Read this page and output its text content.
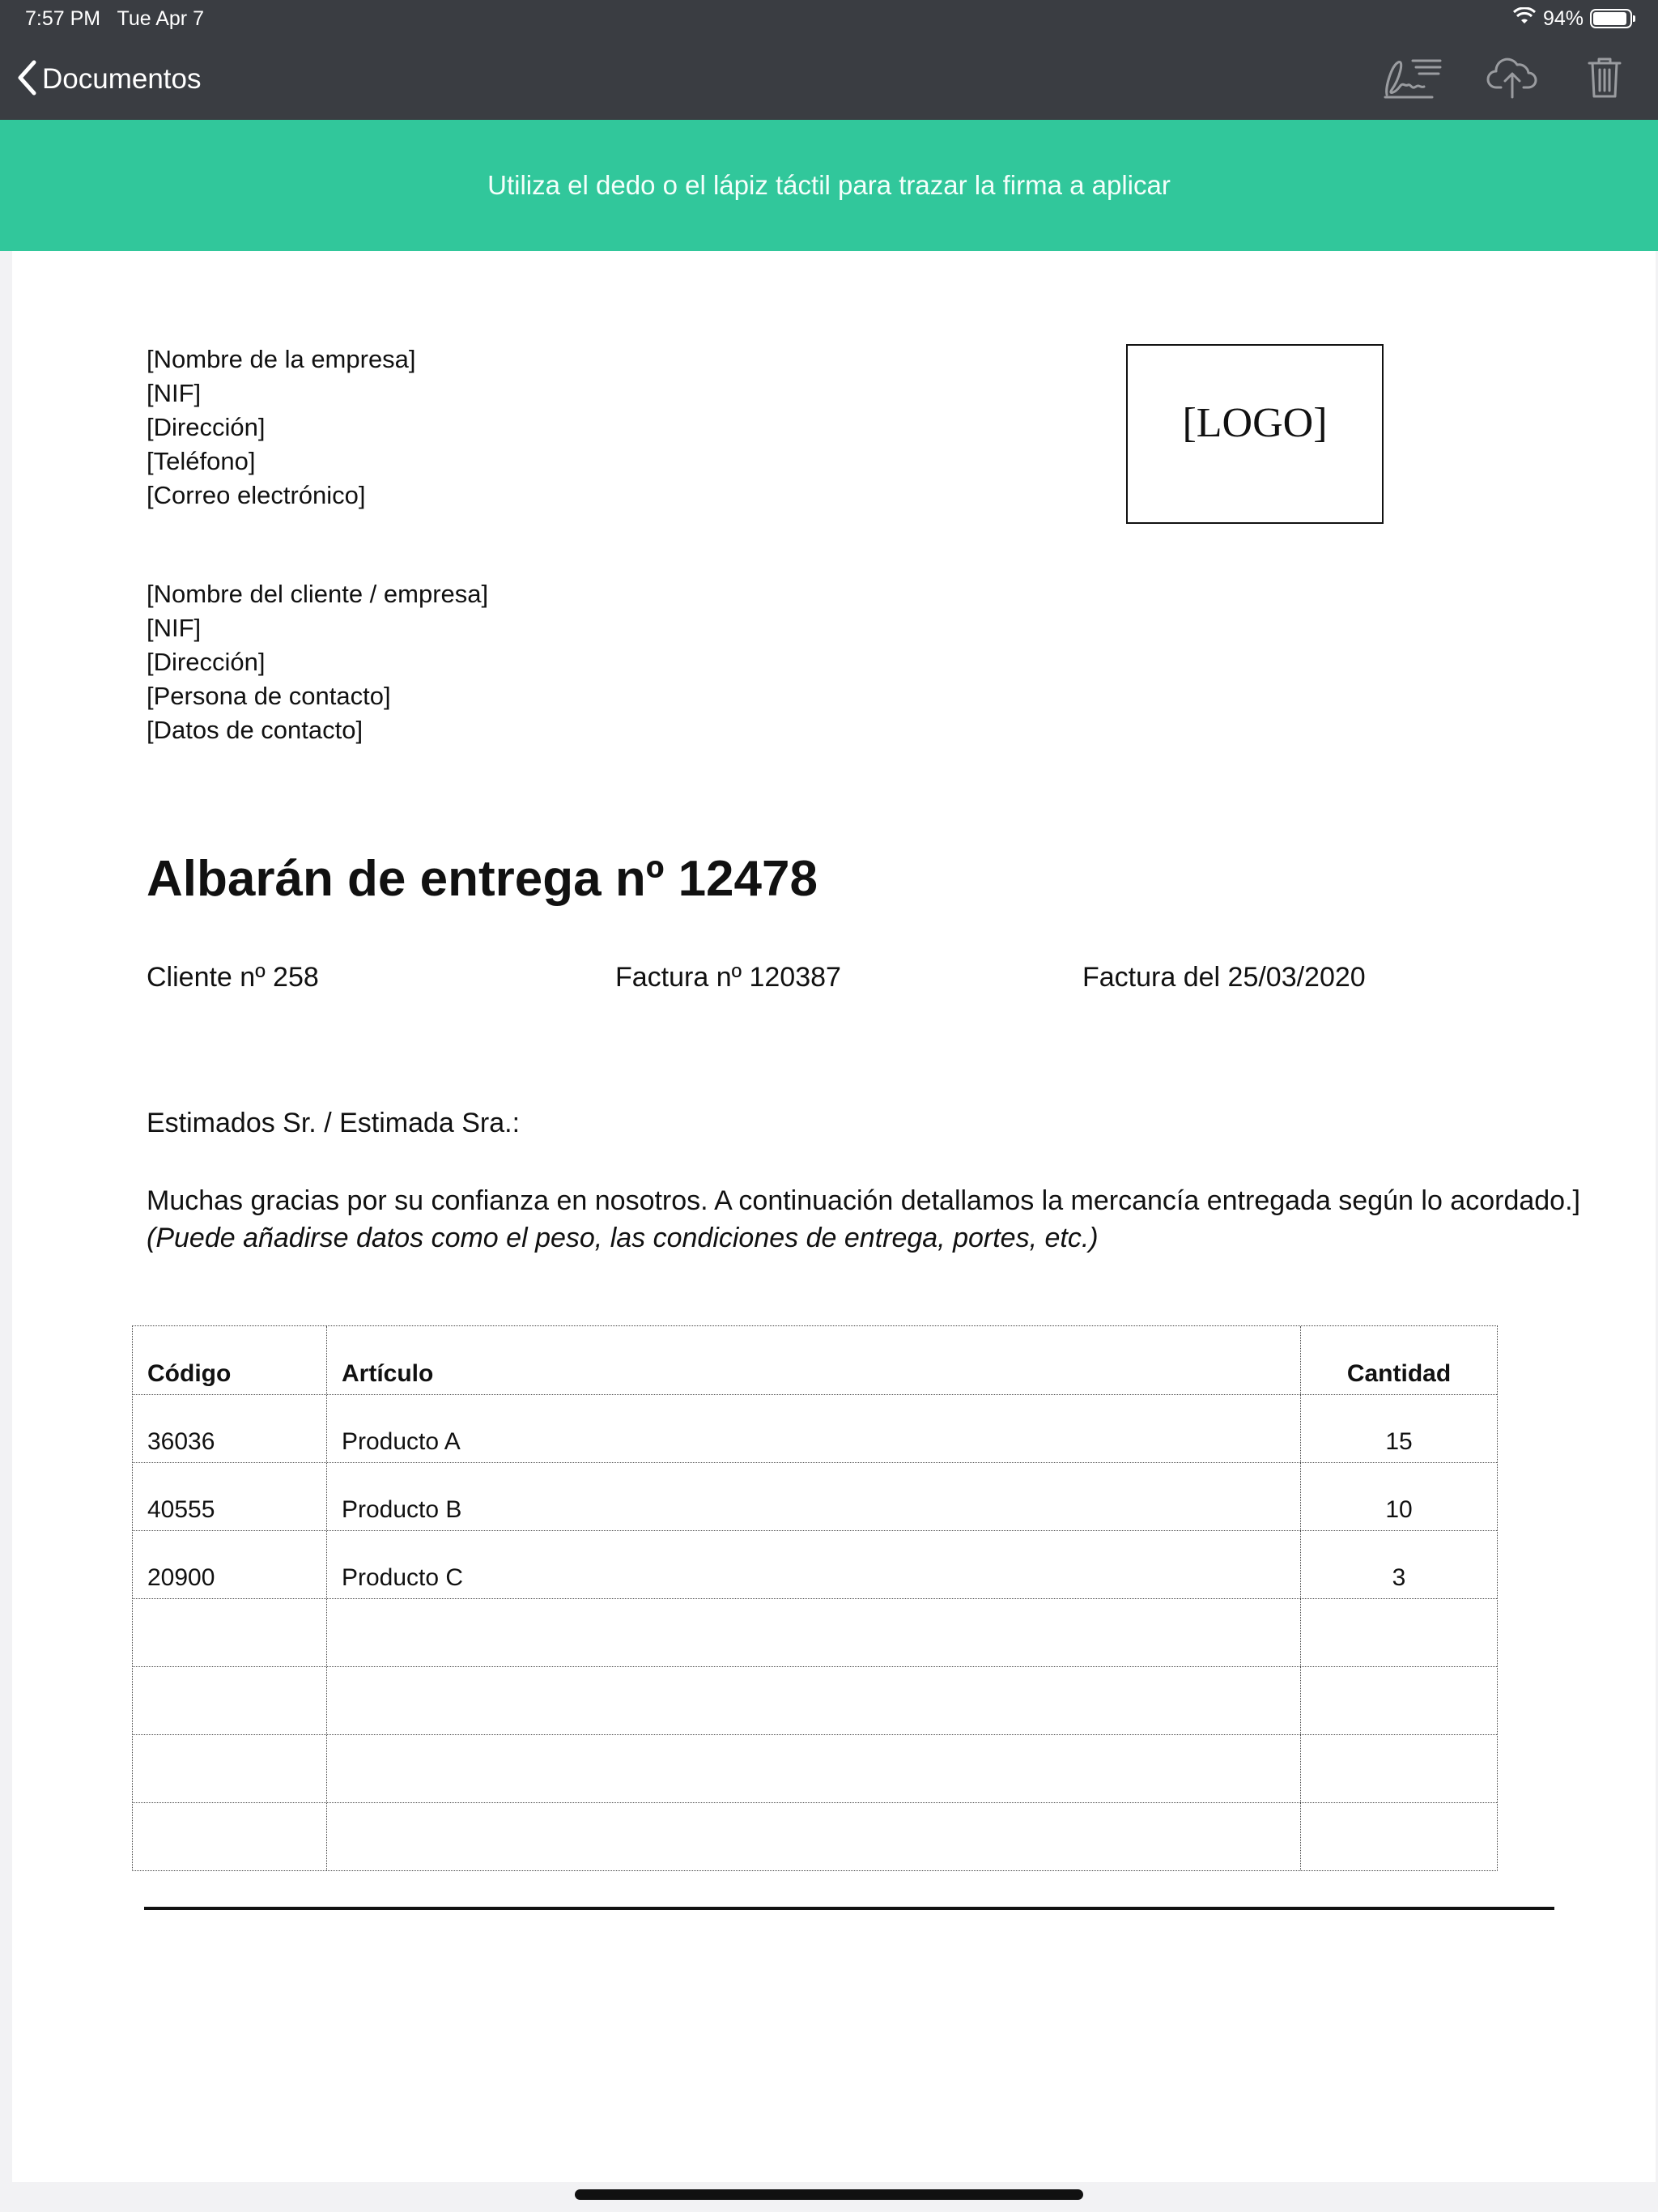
7:57 PM Tue Apr 7	94%
Documentos
Utiliza el dedo o el lápiz táctil para trazar la firma a aplicar
[Nombre de la empresa]
[NIF]
[Dirección]
[Teléfono]
[Correo electrónico]
[LOGO]
[Nombre del cliente / empresa]
[NIF]
[Dirección]
[Persona de contacto]
[Datos de contacto]
Albarán de entrega nº 12478
Cliente nº 258	Factura nº 120387	Factura del 25/03/2020
Estimados Sr. / Estimada Sra.:
Muchas gracias por su confianza en nosotros. A continuación detallamos la mercancía entregada según lo acordado.] (Puede añadirse datos como el peso, las condiciones de entrega, portes, etc.)
Código	Artículo	Cantidad
36036	Producto A	15
40555	Producto B	10
20900	Producto C	3
